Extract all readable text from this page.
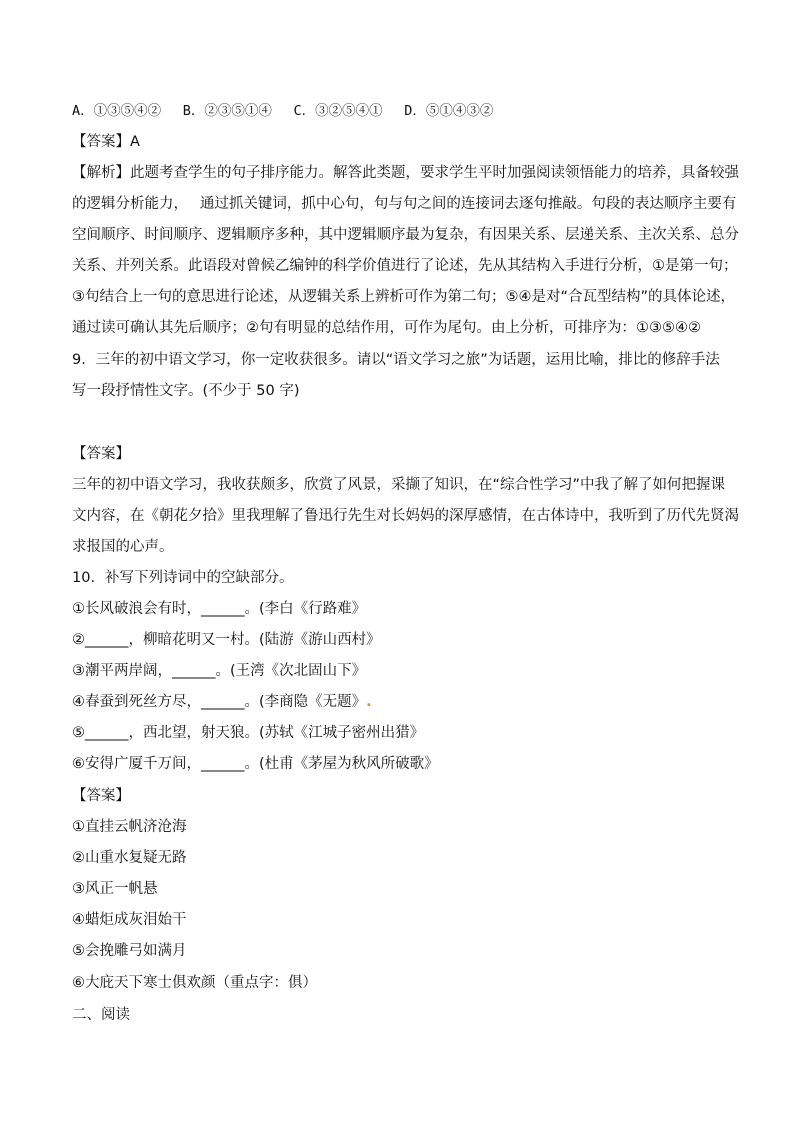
A．①③⑤④②　 B．②③⑤①④　 C．③②⑤④①　 D．⑤①④③②
【答案】A
【解析】此题考查学生的句子排序能力。解答此类题，要求学生平时加强阅读领悟能力的培养，具备较强
的逻辑分析能力，　 通过抓关键词，抓中心句，句与句之间的连接词去逐句推敲。句段的表达顺序主要有
空间顺序、时间顺序、逻辑顺序多种，其中逻辑顺序最为复杂，有因果关系、层递关系、主次关系、总分
关系、并列关系。此语段对曾候乙编钟的科学价值进行了论述，先从其结构入手进行分析，①是第一句；
③句结合上一句的意思进行论述，从逻辑关系上辨析可作为第二句；⑤④是对“合瓦型结构”的具体论述，
通过读可确认其先后顺序；②句有明显的总结作用，可作为尾句。由上分析，可排序为：①③⑤④②
9．三年的初中语文学习，你一定收获很多。请以“语文学习之旅”为话题，运用比喻，排比的修辞手法
写一段抒情性文字。(不少于 50 字)
【答案】
三年的初中语文学习，我收获颇多，欣赏了风景，采撷了知识，在“综合性学习”中我了解了如何把握课
文内容，在《朝花夕拾》里我理解了鲁迅行先生对长妈妈的深厚感情，在古体诗中，我听到了历代先贤渴
求报国的心声。
10．补写下列诗词中的空缺部分。
①长风破浪会有时，______。(李白《行路难》
②______，柳暗花明又一村。(陆游《游山西村》
③潮平两岸阔，______。(王湾《次北固山下》
④春蚕到死丝方尽，______。(李商隐《无题》.
⑤______，西北望，射天狼。(苏轼《江城子密州出猎》
⑥安得广厦千万间，______。(杜甫《茅屋为秋风所破歌》
【答案】
①直挂云帆济沧海
②山重水复疑无路
③风正一帆悬
④蜡炬成灰泪始干
⑤会挽雕弓如满月
⑥大庇天下寒士俱欢颜（重点字：俱）
二、阅读
